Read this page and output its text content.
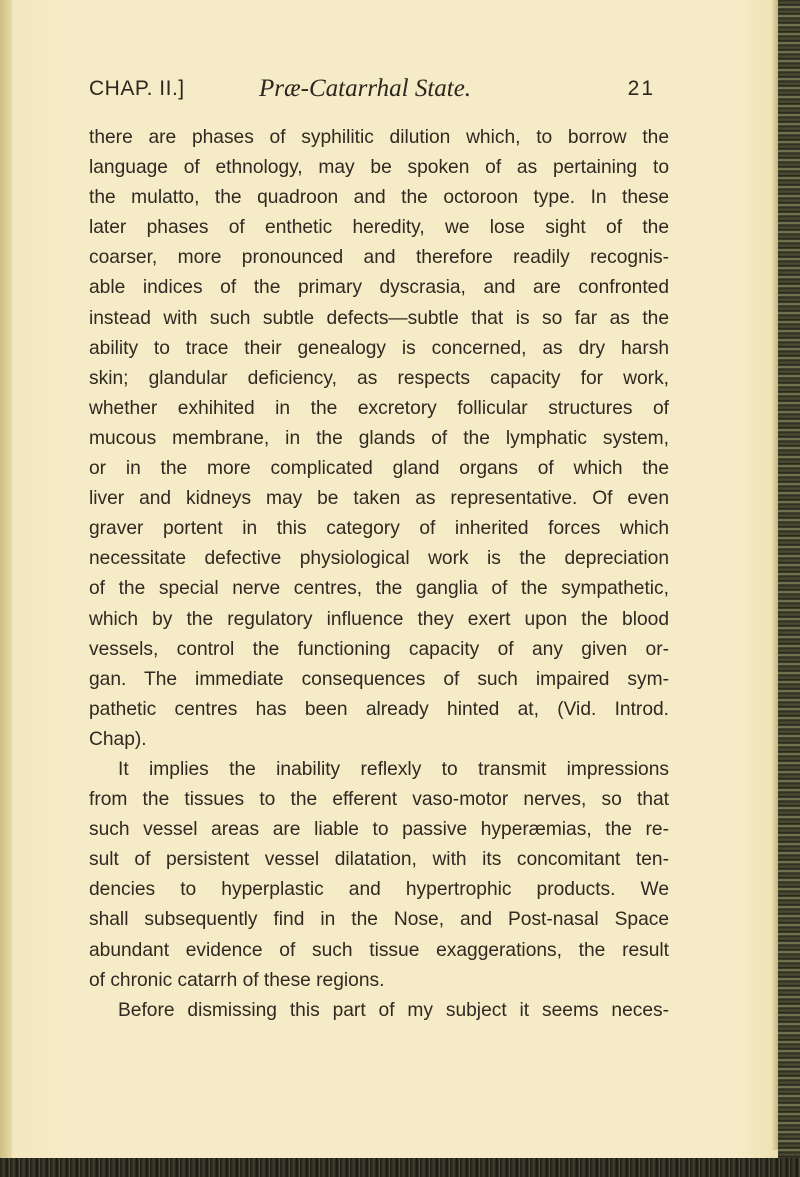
CHAP. II.]	Præ-Catarrhal State.	21
there are phases of syphilitic dilution which, to borrow the
language of ethnology, may be spoken of as pertaining to
the mulatto, the quadroon and the octoroon type. In these
later phases of enthetic heredity, we lose sight of the
coarser, more pronounced and therefore readily recognis-
able indices of the primary dyscrasia, and are confronted
instead with such subtle defects—subtle that is so far as the
ability to trace their genealogy is concerned, as dry harsh
skin; glandular deficiency, as respects capacity for work,
whether exhihited in the excretory follicular structures of
mucous membrane, in the glands of the lymphatic system,
or in the more complicated gland organs of which the
liver and kidneys may be taken as representative. Of even
graver portent in this category of inherited forces which
necessitate defective physiological work is the depreciation
of the special nerve centres, the ganglia of the sympathetic,
which by the regulatory influence they exert upon the blood
vessels, control the functioning capacity of any given or-
gan. The immediate consequences of such impaired sym-
pathetic centres has been already hinted at, (Vid. Introd.
Chap).
It implies the inability reflexly to transmit impressions
from the tissues to the efferent vaso-motor nerves, so that
such vessel areas are liable to passive hyperæmias, the re-
sult of persistent vessel dilatation, with its concomitant ten-
dencies to hyperplastic and hypertrophic products. We
shall subsequently find in the Nose, and Post-nasal Space
abundant evidence of such tissue exaggerations, the result
of chronic catarrh of these regions.
Before dismissing this part of my subject it seems neces-
